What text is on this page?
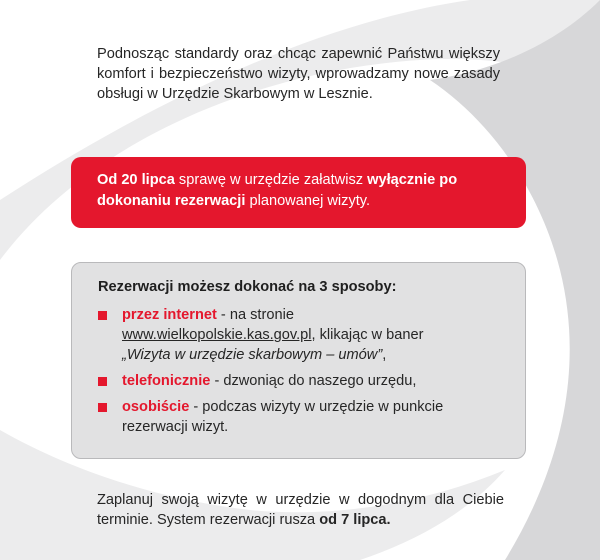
Podnosząc standardy oraz chcąc zapewnić Państwu większy komfort i bezpieczeństwo wizyty, wprowadzamy nowe zasady obsługi w Urzędzie Skarbowym w Lesznie.

Od 20 lipca sprawę w urzędzie załatwisz wyłącznie po dokonaniu rezerwacji planowanej wizyty.

Rezerwacji możesz dokonać na 3 sposoby:

przez internet - na stronie
www.wielkopolskie.kas.gov.pl, klikając w baner
„Wizyta w urzędzie skarbowym – umów”,
telefonicznie - dzwoniąc do naszego urzędu,
osobiście - podczas wizyty w urzędzie w punkcie rezerwacji wizyt.

Zaplanuj swoją wizytę w urzędzie w dogodnym dla Ciebie terminie. System rezerwacji rusza od 7 lipca.
